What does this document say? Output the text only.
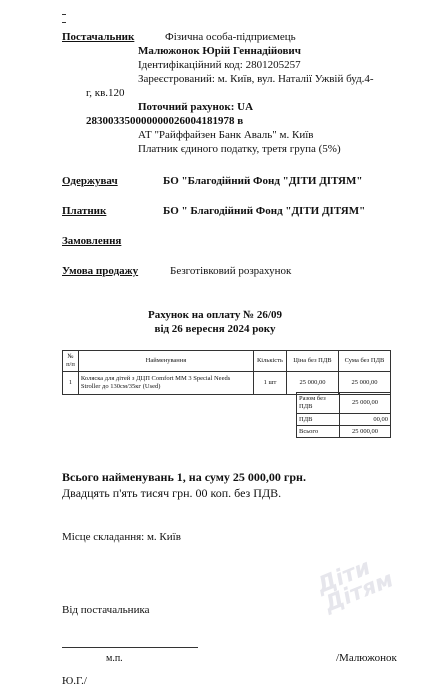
Постачальник	Фізична особа-підприємець
Малюжонок Юрій Геннадійович
Ідентифікаційний код: 2801205257
Зареєстрований: м. Київ, вул. Наталії Ужвій буд.4-
г, кв.120
Поточний рахунок: UA
283003350000000026004181978 в
АТ "Райффайзен Банк Аваль" м. Київ
Платник єдиного податку, третя група (5%)
Одержувач	БО "Благодійний Фонд "ДІТИ ДІТЯМ"
Платник	БО " Благодійний Фонд "ДІТИ ДІТЯМ"
Замовлення
Умова продажу	Безготівковий розрахунок
Рахунок на оплату № 26/09
від 26 вересня 2024 року
№ п/п	Найменування	Кількість	Ціна без ПДВ	Сума без ПДВ
1	Коляска для дітей з ДЦП Comfort MM 3 Special Needs Stroller до 130см/35кг (Used)	1 шт	25 000,00	25 000,00
Разом без ПДВ	25 000,00
ПДВ	00,00
Всього	25 000,00
Всього найменувань 1, на суму 25 000,00 грн.
Двадцять п'ять тисяч грн. 00 коп. без ПДВ.
Місце складання: м. Київ
Діти Дітям
Від постачальника
м.п.	/Малюжонок
Ю.Г./
